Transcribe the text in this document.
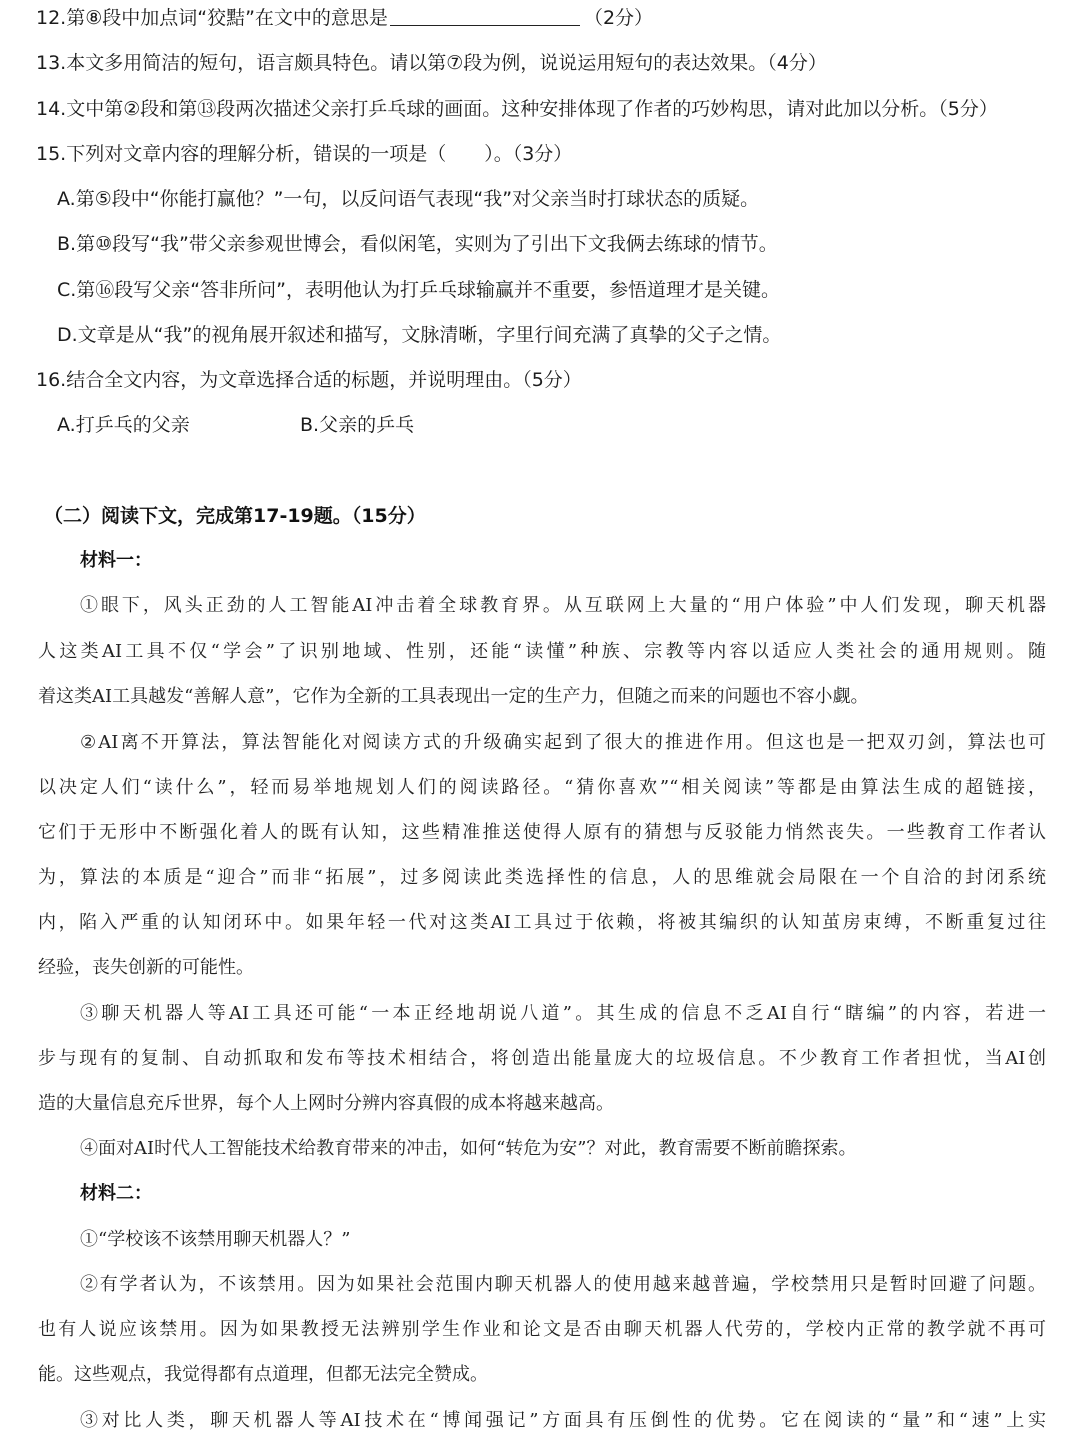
12.第⑧段中加点词“狡黠”在文中的意思是	（2分）
13.本文多用简洁的短句，语言颇具特色。请以第⑦段为例，说说运用短句的表达效果。（4分）
14.文中第②段和第⑬段两次描述父亲打乒乓球的画面。这种安排体现了作者的巧妙构思，请对此加以分析。（5分）
15.下列对文章内容的理解分析，错误的一项是（　　）。（3分）
A.第⑤段中“你能打赢他？”一句，以反问语气表现“我”对父亲当时打球状态的质疑。
B.第⑩段写“我”带父亲参观世博会，看似闲笔，实则为了引出下文我俩去练球的情节。
C.第⑯段写父亲“答非所问”，表明他认为打乒乓球输赢并不重要，参悟道理才是关键。
D.文章是从“我”的视角展开叙述和描写，文脉清晰，字里行间充满了真挚的父子之情。
16.结合全文内容，为文章选择合适的标题，并说明理由。（5分）
A.打乒乓的父亲	B.父亲的乒乓
（二）阅读下文，完成第17-19题。（15分）
材料一：
①眼下，风头正劲的人工智能AI冲击着全球教育界。从互联网上大量的“用户体验”中人们发现，聊天机器
人这类AI工具不仅“学会”了识别地域、性别，还能“读懂”种族、宗教等内容以适应人类社会的通用规则。随
着这类AI工具越发“善解人意”，它作为全新的工具表现出一定的生产力，但随之而来的问题也不容小觑。
②AI离不开算法，算法智能化对阅读方式的升级确实起到了很大的推进作用。但这也是一把双刃剑，算法也可
以决定人们“读什么”，轻而易举地规划人们的阅读路径。“猜你喜欢”“相关阅读”等都是由算法生成的超链接，
它们于无形中不断强化着人的既有认知，这些精准推送使得人原有的猜想与反驳能力悄然丧失。一些教育工作者认
为，算法的本质是“迎合”而非“拓展”，过多阅读此类选择性的信息，人的思维就会局限在一个自洽的封闭系统
内，陷入严重的认知闭环中。如果年轻一代对这类AI工具过于依赖，将被其编织的认知茧房束缚，不断重复过往
经验，丧失创新的可能性。
③聊天机器人等AI工具还可能“一本正经地胡说八道”。其生成的信息不乏AI自行“瞎编”的内容，若进一
步与现有的复制、自动抓取和发布等技术相结合，将创造出能量庞大的垃圾信息。不少教育工作者担忧，当AI创
造的大量信息充斥世界，每个人上网时分辨内容真假的成本将越来越高。
④面对AI时代人工智能技术给教育带来的冲击，如何“转危为安”？对此，教育需要不断前瞻探索。
材料二：
①“学校该不该禁用聊天机器人？”
②有学者认为，不该禁用。因为如果社会范围内聊天机器人的使用越来越普遍，学校禁用只是暂时回避了问题。
也有人说应该禁用。因为如果教授无法辨别学生作业和论文是否由聊天机器人代劳的，学校内正常的教学就不再可
能。这些观点，我觉得都有点道理，但都无法完全赞成。
③对比人类，聊天机器人等AI技术在“博闻强记”方面具有压倒性的优势。它在阅读的“量”和“速”上实
